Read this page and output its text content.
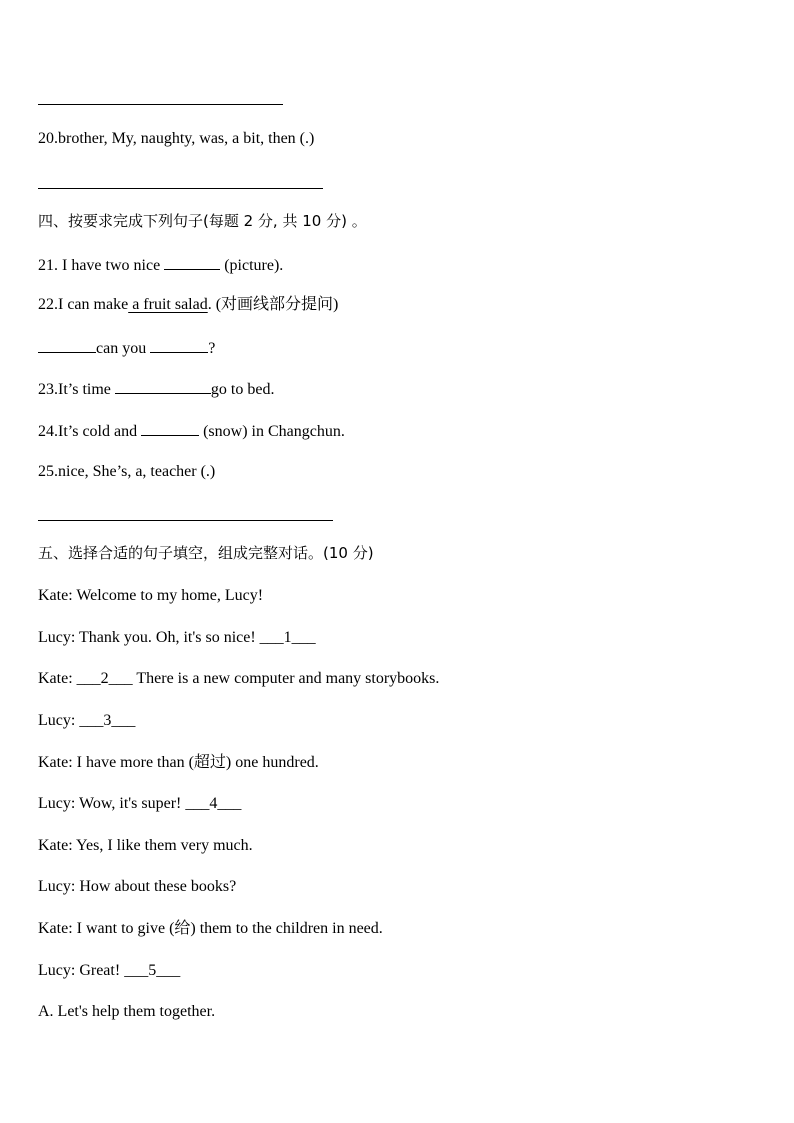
20.brother, My, naughty, was, a bit, then (.)
四、按要求完成下列句子(每题 2 分, 共 10 分) 。
21. I have two nice	(picture).
22.I can make a fruit salad. (对画线部分提问)
can you	?
23.It’s time	go to bed.
24.It’s cold and	(snow) in Changchun.
25.nice, She’s, a, teacher (.)
五、选择合适的句子填空，组成完整对话。(10 分)
Kate: Welcome to my home, Lucy!
Lucy: Thank you. Oh, it's so nice! ___1___
Kate: ___2___ There is a new computer and many storybooks.
Lucy: ___3___
Kate: I have more than (超过) one hundred.
Lucy: Wow, it's super! ___4___
Kate: Yes, I like them very much.
Lucy: How about these books?
Kate: I want to give (给) them to the children in need.
Lucy: Great! ___5___
A. Let's help them together.
